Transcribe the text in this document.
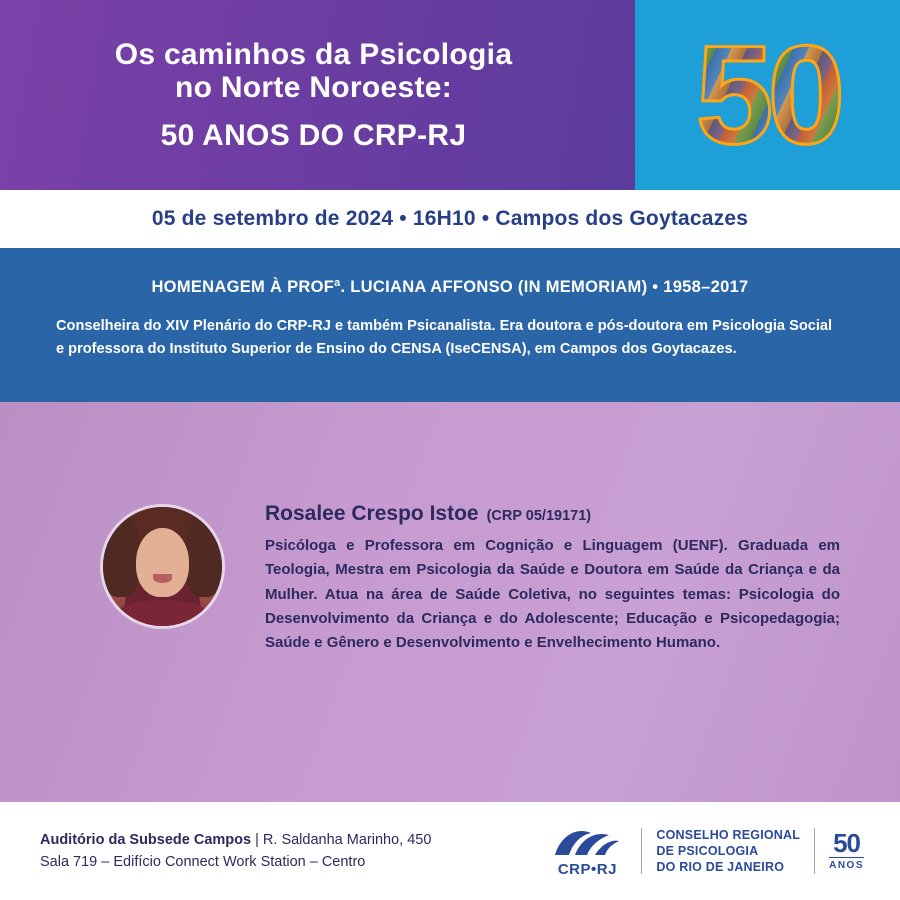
Os caminhos da Psicologia
no Norte Noroeste:
50 ANOS DO CRP-RJ 50
05 de setembro de 2024 • 16H10 • Campos dos Goytacazes
HOMENAGEM À PROFª. LUCIANA AFFONSO (IN MEMORIAM) • 1958–2017
Conselheira do XIV Plenário do CRP-RJ e também Psicanalista. Era doutora e pós-doutora em Psicologia Social e professora do Instituto Superior de Ensino do CENSA (IseCENSA), em Campos dos Goytacazes.
Rosalee Crespo Istoe (CRP 05/19171)
Psicóloga e Professora em Cognição e Linguagem (UENF). Graduada em Teologia, Mestra em Psicologia da Saúde e Doutora em Saúde da Criança e da Mulher. Atua na área de Saúde Coletiva, no seguintes temas: Psicologia do Desenvolvimento da Criança e do Adolescente; Educação e Psicopedagogia; Saúde e Gênero e Desenvolvimento e Envelhecimento Humano.
Auditório da Subsede Campos | R. Saldanha Marinho, 450
Sala 719 – Edifício Connect Work Station – Centro	CRP•RJ
CONSELHO REGIONAL
DE PSICOLOGIA
DO RIO DE JANEIRO
50
ANOS
